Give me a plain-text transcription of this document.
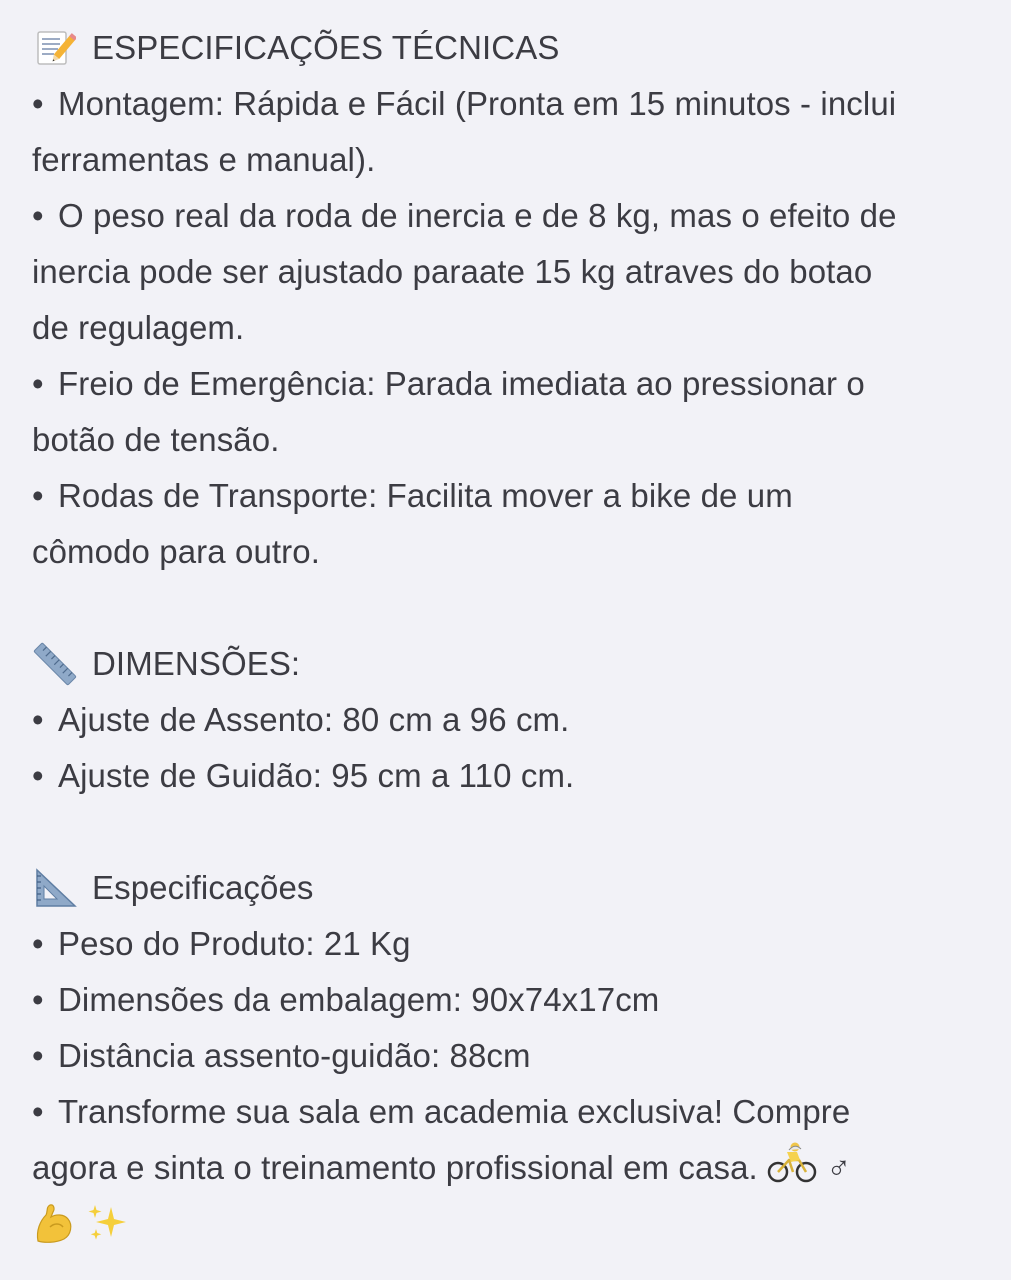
ESPECIFICAÇÕES TÉCNICAS
• Montagem: Rápida e Fácil (Pronta em 15 minutos - inclui
ferramentas e manual).
• O peso real da roda de inercia e de 8 kg, mas o efeito de
inercia pode ser ajustado paraate 15 kg atraves do botao
de regulagem.
• Freio de Emergência: Parada imediata ao pressionar o
botão de tensão.
• Rodas de Transporte: Facilita mover a bike de um
cômodo para outro.
DIMENSÕES:
• Ajuste de Assento: 80 cm a 96 cm.
• Ajuste de Guidão: 95 cm a 110 cm.
Especificações
• Peso do Produto: 21 Kg
• Dimensões da embalagem: 90x74x17cm
• Distância assento-guidão: 88cm
• Transforme sua sala em academia exclusiva! Compre
agora e sinta o treinamento profissional em casa. ♂
